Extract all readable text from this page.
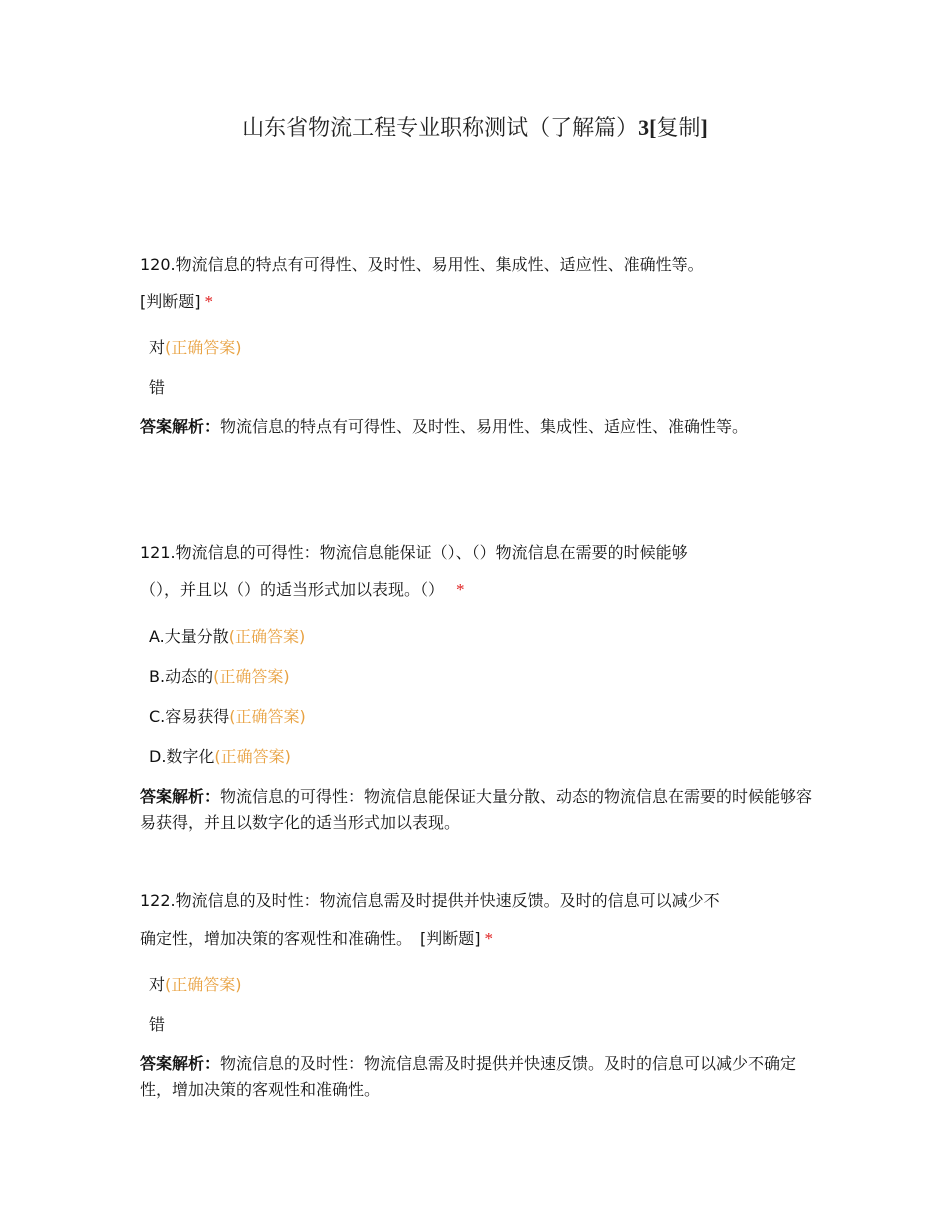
山东省物流工程专业职称测试（了解篇）3[复制]
120.物流信息的特点有可得性、及时性、易用性、集成性、适应性、准确性等。
[判断题] *
对(正确答案)
错
答案解析：物流信息的特点有可得性、及时性、易用性、集成性、适应性、准确性等。
121.物流信息的可得性：物流信息能保证（）、（）物流信息在需要的时候能够
（），并且以（）的适当形式加以表现。（） *
A.大量分散(正确答案)
B.动态的(正确答案)
C.容易获得(正确答案)
D.数字化(正确答案)
答案解析：物流信息的可得性：物流信息能保证大量分散、动态的物流信息在需要的时候能够容易获得，并且以数字化的适当形式加以表现。
122.物流信息的及时性：物流信息需及时提供并快速反馈。及时的信息可以减少不
确定性，增加决策的客观性和准确性。 [判断题] *
对(正确答案)
错
答案解析：物流信息的及时性：物流信息需及时提供并快速反馈。及时的信息可以减少不确定性，增加决策的客观性和准确性。
